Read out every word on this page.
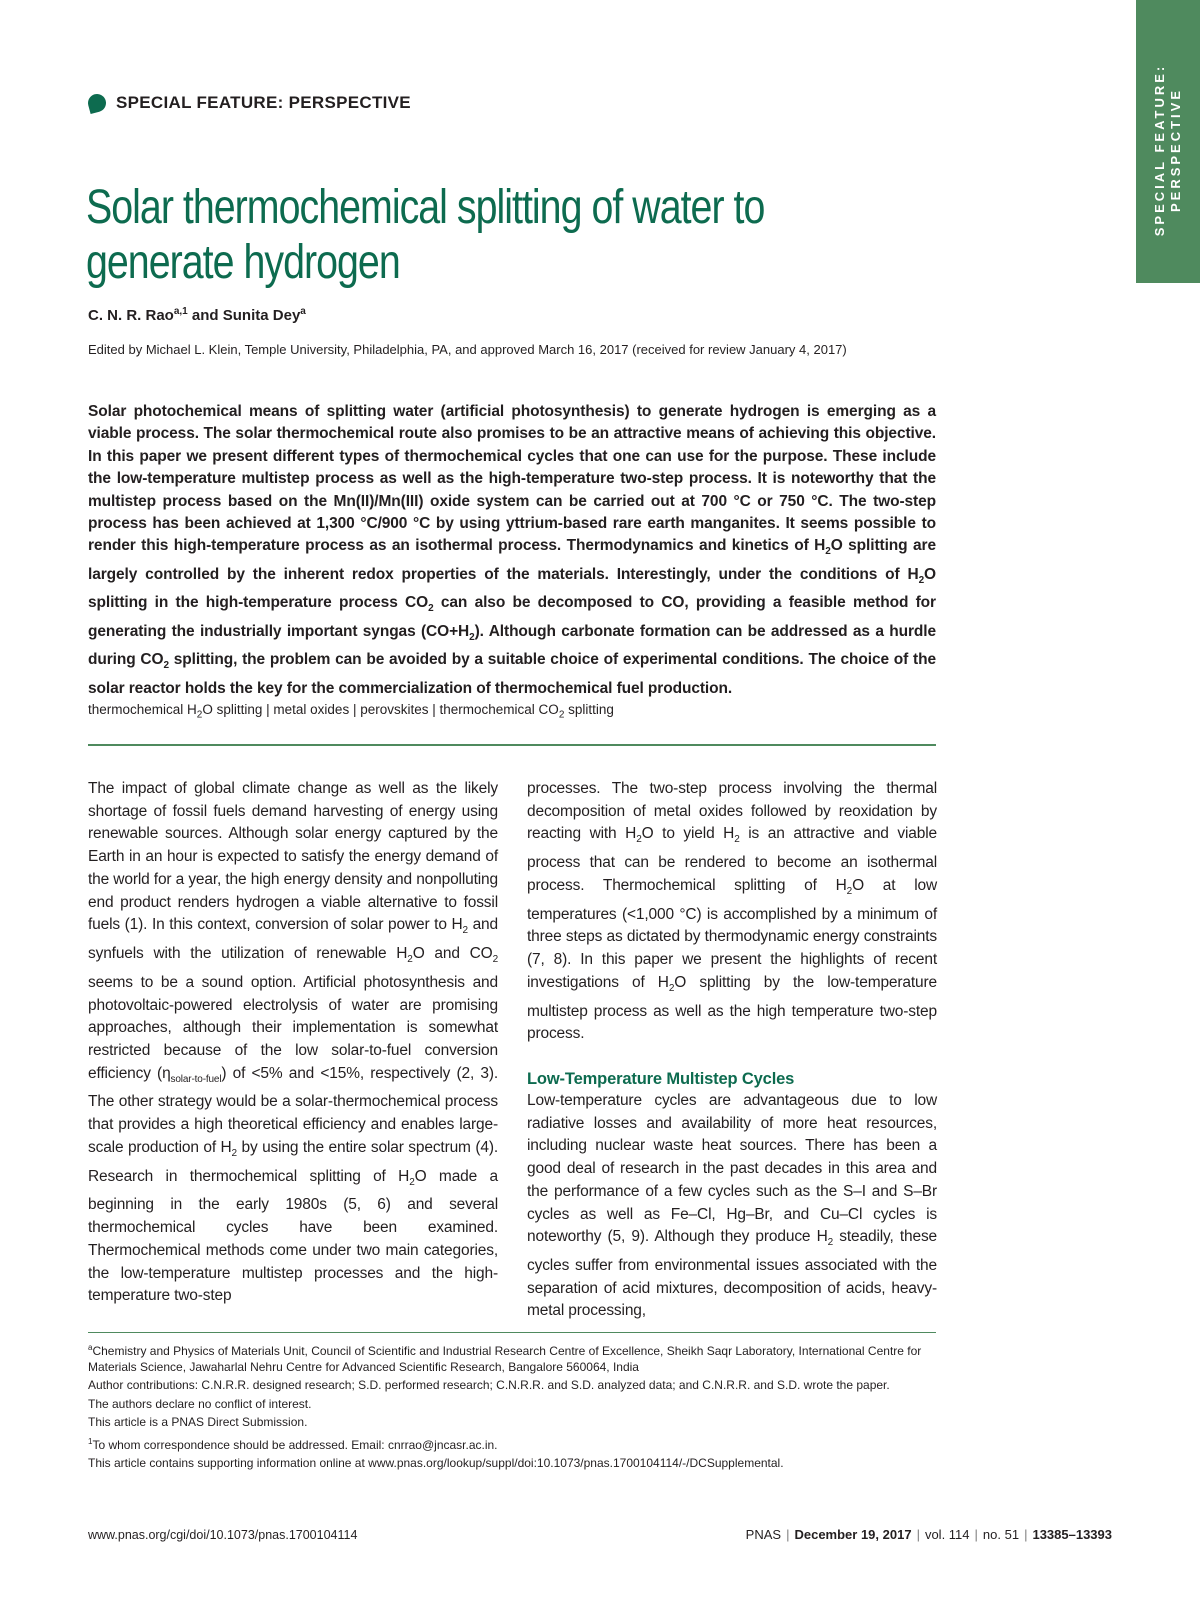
SPECIAL FEATURE: PERSPECTIVE
SPECIAL FEATURE: PERSPECTIVE
Solar thermochemical splitting of water to
generate hydrogen
C. N. R. Rao$^{a,1}$ and Sunita Dey$^a$
Edited by Michael L. Klein, Temple University, Philadelphia, PA, and approved March 16, 2017 (received for review January 4, 2017)
Solar photochemical means of splitting water (artificial photosynthesis) to generate hydrogen is emerging as a viable process. The solar thermochemical route also promises to be an attractive means of achieving this objective. In this paper we present different types of thermochemical cycles that one can use for the purpose. These include the low-temperature multistep process as well as the high-temperature two-step process. It is noteworthy that the multistep process based on the Mn(II)/Mn(III) oxide system can be carried out at 700 °C or 750 °C. The two-step process has been achieved at 1,300 °C/900 °C by using yttrium-based rare earth manganites. It seems possible to render this high-temperature process as an isothermal process. Thermodynamics and kinetics of $H_2O$ splitting are largely controlled by the inherent redox properties of the materials. Interestingly, under the conditions of $H_2O$ splitting in the high-temperature process $CO_2$ can also be decomposed to CO, providing a feasible method for generating the industrially important syngas $(CO+H_2)$. Although carbonate formation can be addressed as a hurdle during $CO_2$ splitting, the problem can be avoided by a suitable choice of experimental conditions. The choice of the solar reactor holds the key for the commercialization of thermochemical fuel production.
thermochemical $H_2O$ splitting | metal oxides | perovskites | thermochemical $CO_2$ splitting

The impact of global climate change as well as the likely shortage of fossil fuels demand harvesting of energy using renewable sources. Although solar energy captured by the Earth in an hour is expected to satisfy the energy demand of the world for a year, the high energy density and nonpolluting end product renders hydrogen a viable alternative to fossil fuels (1). In this context, conversion of solar power to $H_2$ and synfuels with the utilization of renewable $H_2O$ and $CO_2$ seems to be a sound option. Artificial photosynthesis and photovoltaic-powered electrolysis of water are promising approaches, although their implementation is somewhat restricted because of the low solar-to-fuel conversion efficiency $(\eta_{solar-to-fuel})$ of <5% and <15%, respectively (2, 3). The other strategy would be a solar-thermochemical process that provides a high theoretical efficiency and enables large-scale production of $H_2$ by using the entire solar spectrum (4). Research in thermochemical splitting of $H_2O$ made a beginning in the early 1980s (5, 6) and several thermochemical cycles have been examined. Thermochemical methods come under two main categories, the low-temperature multistep processes and the high-temperature two-step

processes. The two-step process involving the thermal decomposition of metal oxides followed by reoxidation by reacting with $H_2O$ to yield $H_2$ is an attractive and viable process that can be rendered to become an isothermal process. Thermochemical splitting of $H_2O$ at low temperatures (<1,000 °C) is accomplished by a minimum of three steps as dictated by thermodynamic energy constraints (7, 8). In this paper we present the highlights of recent investigations of $H_2O$ splitting by the low-temperature multistep process as well as the high temperature two-step process.

Low-Temperature Multistep Cycles

Low-temperature cycles are advantageous due to low radiative losses and availability of more heat resources, including nuclear waste heat sources. There has been a good deal of research in the past decades in this area and the performance of a few cycles such as the S–I and S–Br cycles as well as Fe–Cl, Hg–Br, and Cu–Cl cycles is noteworthy (5, 9). Although they produce $H_2$ steadily, these cycles suffer from environmental issues associated with the separation of acid mixtures, decomposition of acids, heavy-metal processing,

$^a$Chemistry and Physics of Materials Unit, Council of Scientific and Industrial Research Centre of Excellence, Sheikh Saqr Laboratory, International Centre for Materials Science, Jawaharlal Nehru Centre for Advanced Scientific Research, Bangalore 560064, India

Author contributions: C.N.R.R. designed research; S.D. performed research; C.N.R.R. and S.D. analyzed data; and C.N.R.R. and S.D. wrote the paper.

The authors declare no conflict of interest.

This article is a PNAS Direct Submission.

$^1$To whom correspondence should be addressed. Email: cnrrao@jncasr.ac.in.

This article contains supporting information online at www.pnas.org/lookup/suppl/doi:10.1073/pnas.1700104114/-/DCSupplemental.

www.pnas.org/cgi/doi/10.1073/pnas.1700104114	PNAS | December 19, 2017 | vol. 114 | no. 51 | 13385–13393
